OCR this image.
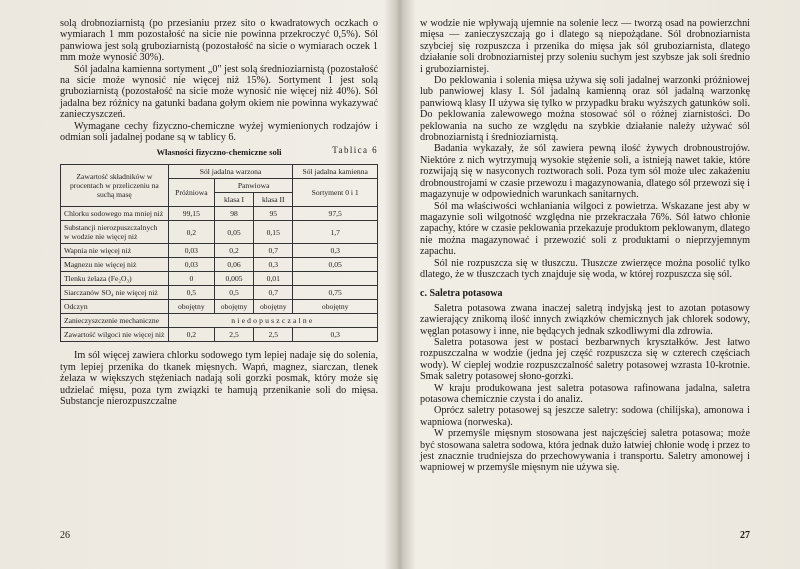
solą drobnoziarnistą (po przesianiu przez sito o kwadratowych oczkach o wymiarach 1 mm pozostałość na sicie nie powinna przekroczyć 0,5%). Sól panwiowa jest solą gruboziarnistą (pozostałość na sicie o wymiarach oczek 1 mm może wynosić 30%).

Sól jadalna kamienna sortyment „0" jest solą średnioziarnistą (pozostałość na sicie może wynosić nie więcej niż 15%). Sortyment 1 jest solą gruboziarnistą (pozostałość na sicie może wynosić nie więcej niż 40%). Sól jadalna bez różnicy na gatunki badana gołym okiem nie powinna wykazywać zanieczyszczeń.

Wymagane cechy fizyczno-chemiczne wyżej wymienionych rodzajów i odmian soli jadalnej podane są w tablicy 6.

Tablica 6
Własności fizyczno-chemiczne soli
Zawartość składników w procentach w przeliczeniu na suchą masę	Sól jadalna warzona			Sól jadalna kamienna
	Próżniowa	Panwiowa		Sortyment 0 i 1
		klasa I	klasa II	
Chlorku sodowego ma mniej niż	99,15	98	95	97,5
Substancji nierozpuszczalnych w wodzie nie więcej niż	0,2	0,05	0,15	1,7
Wapnia nie więcej niż	0,03	0,2	0,7	0,3
Magnezu nie więcej niż	0,03	0,06	0,3	0,05
Tlenku żelaza (Fe₂O₃)	0	0,005	0,01	
Siarczanów SO₄ nie więcej niż	0,5	0,5	0,7	0,75
Odczyn	obojętny	obojętny	obojętny	obojętny
Zanieczyszczenie mechaniczne	niedopuszczalne			
Zawartość wilgoci nie więcej niż	0,2	2,5	2,5	0,3

Im sól więcej zawiera chlorku sodowego tym lepiej nadaje się do solenia, tym lepiej przenika do tkanek mięsnych. Wapń, magnez, siarczan, tlenek żelaza w większych stężeniach nadają soli gorzki posmak, który może się udzielać mięsu, poza tym związki te hamują przenikanie soli do mięsa. Substancje nierozpuszczalne

26

w wodzie nie wpływają ujemnie na solenie lecz — tworzą osad na powierzchni mięsa — zanieczyszczają go i dlatego są niepożądane. Sól drobnoziarnista szybciej się rozpuszcza i przenika do mięsa jak sól gruboziarnista, dlatego działanie soli drobnoziarnistej przy soleniu suchym jest szybsze jak soli średnio i gruboziarnistej.

Do peklowania i solenia mięsa używa się soli jadalnej warzonki próżniowej lub panwiowej klasy I. Sól jadalną kamienną oraz sól jadalną warzonkę panwiową klasy II używa się tylko w przypadku braku wyższych gatunków soli. Do peklowania zalewowego można stosować sól o różnej ziarnistości. Do peklowania na sucho ze względu na szybkie działanie należy używać sól drobnoziarnistą i średnioziarnistą.

Badania wykazały, że sól zawiera pewną ilość żywych drobnoustrojów. Niektóre z nich wytrzymują wysokie stężenie soli, a istnieją nawet takie, które rozwijają się w nasyconych roztworach soli. Poza tym sól może ulec zakażeniu drobnoustrojami w czasie przewozu i magazynowania, dlatego sól przewozi się i magazynuje w odpowiednich warunkach sanitarnych.

Sól ma właściwości wchłaniania wilgoci z powietrza. Wskazane jest aby w magazynie soli wilgotność względna nie przekraczała 76%. Sól łatwo chłonie zapachy, które w czasie peklowania przekazuje produktom peklowanym, dlatego nie można magazynować i przewozić soli z produktami o nieprzyjemnym zapachu.

Sól nie rozpuszcza się w tłuszczu. Tłuszcze zwierzęce można posolić tylko dlatego, że w tłuszczach tych znajduje się woda, w której rozpuszcza się sól.

c. Saletra potasowa

Saletra potasowa zwana inaczej saletrą indyjską jest to azotan potasowy zawierający znikomą ilość innych związków chemicznych jak chlorek sodowy, węglan potasowy i inne, nie będących jednak szkodliwymi dla zdrowia.

Saletra potasowa jest w postaci bezbarwnych kryształków. Jest łatwo rozpuszczalna w wodzie (jedna jej część rozpuszcza się w czterech częściach wody). W cieplej wodzie rozpuszczalność saletry potasowej wzrasta 10-krotnie. Smak saletry potasowej słono-gorzki.

W kraju produkowana jest saletra potasowa rafinowana jadalna, saletra potasowa chemicznie czysta i do analiz.

Oprócz saletry potasowej są jeszcze saletry: sodowa (chilijska), amonowa i wapniowa (norweska).

W przemyśle mięsnym stosowana jest najczęściej saletra potasowa; może być stosowana saletra sodowa, która jednak dużo łatwiej chłonie wodę i przez to jest znacznie trudniejsza do przechowywania i transportu. Saletry amonowej i wapniowej w przemyśle mięsnym nie używa się.

27
